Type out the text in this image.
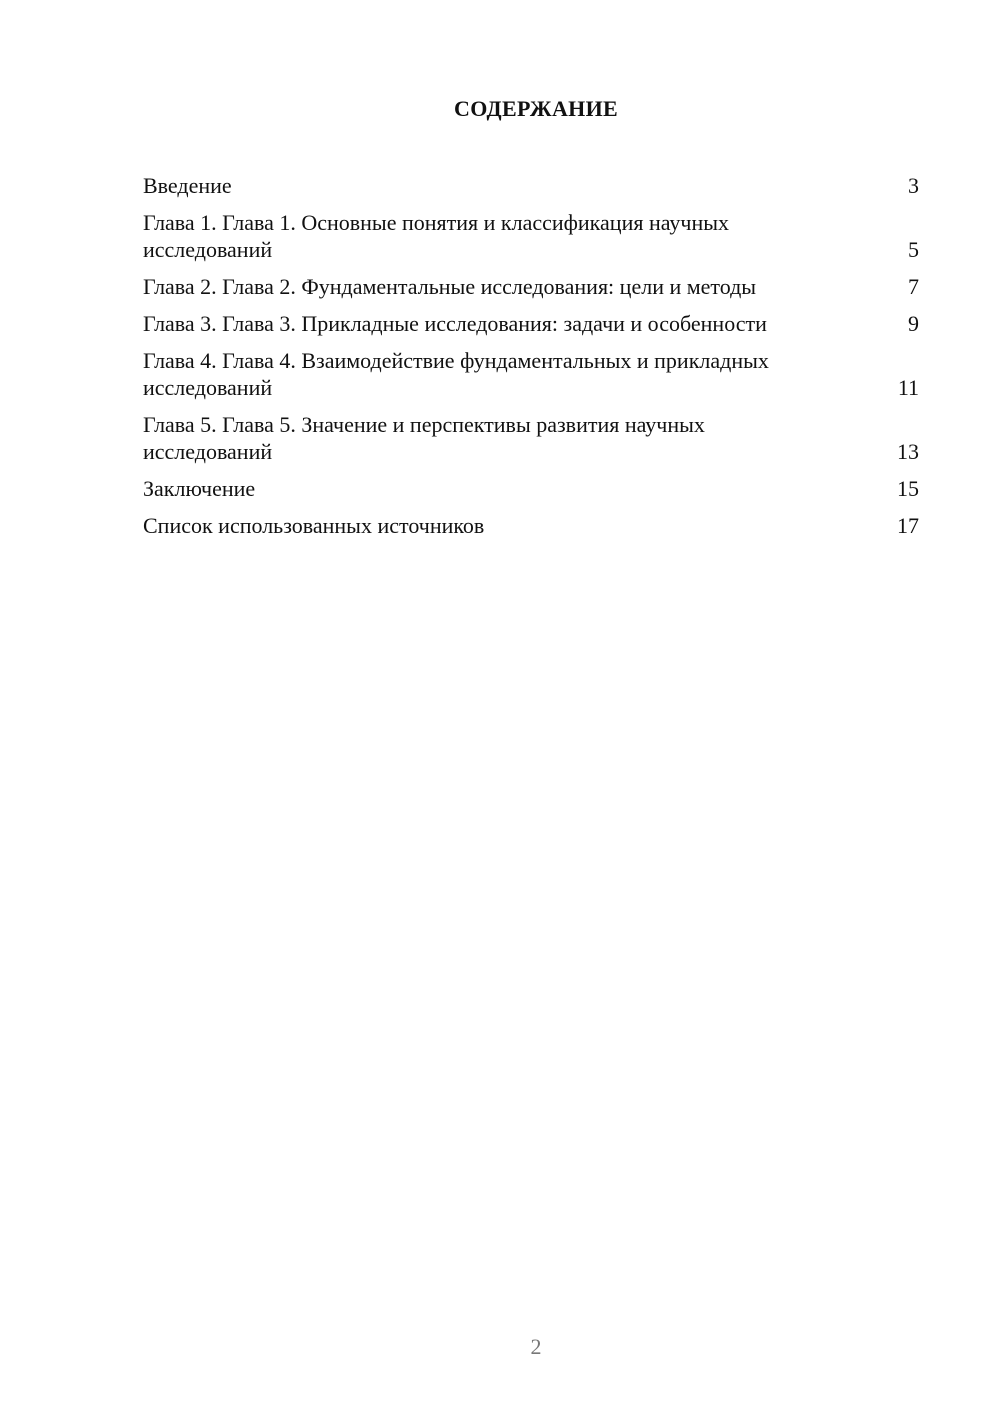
СОДЕРЖАНИЕ
Введение	3
Глава 1. Глава 1. Основные понятия и классификация научных исследований	5
Глава 2. Глава 2. Фундаментальные исследования: цели и методы	7
Глава 3. Глава 3. Прикладные исследования: задачи и особенности	9
Глава 4. Глава 4. Взаимодействие фундаментальных и прикладных исследований	11
Глава 5. Глава 5. Значение и перспективы развития научных исследований	13
Заключение	15
Список использованных источников	17
2
